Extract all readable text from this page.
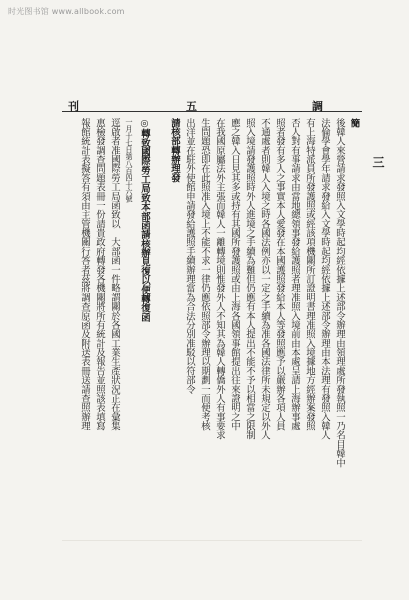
时光图书馆 www.allbook.com
刊	五	調
三
𥳑
後韓人來營請求發照入文學時起均經依據上述部令辦理由領理處所發執照一乃名目韓中
法倫學會學年請求發給入文學時起均經依據上述部令辦理由本法理有發照入韓人
有上海特派員所發護照或經該項機關所訂證明書理准照入境據地方經辦案發照
否人對有事請求由當地總領事發給護照者理准照入境前由本處呈請上海辦事處
照者發有多人之事實本人愛發在本國護照發給本人等發照應予以嚴辦各項人員
不通處者則韓人入境之時各國法例亦以一定之手續為准各國法律所未規定以外人
照入境請發護照時外人進境之手續為難但仍應有本人提出不能不予以相當之限制
應之韓入日見其多或持有其國所發護照或由上海各國領事館提出往來證明之中
在我國原屬法外主張而韓人一離轉境則惟發外人不知其為韓人轉僑外人有事要求
生問題恐即在此照准入境上不能不求一律仍應依照部令辦理以期劃一而便考核
出洋並在駐外使館申請發給護照手續辦理當為合法分別准駁以符部令
請核部轉辦理發
◎轉致國際勞工局致本部函請核辦見復以便轉復函
一月十七日第八百四十六號
逕啟者准國際勞工局函致以　大部函一件略謂關於各國工業生產狀況正在彙集
惠檢發調查問題表冊一份請貴政府轉發各機關將所有統計及報告並照該表填寫
報館統計表擬答有須由主管機關行答者茲將調查原函及附送表冊送請查照辦理
